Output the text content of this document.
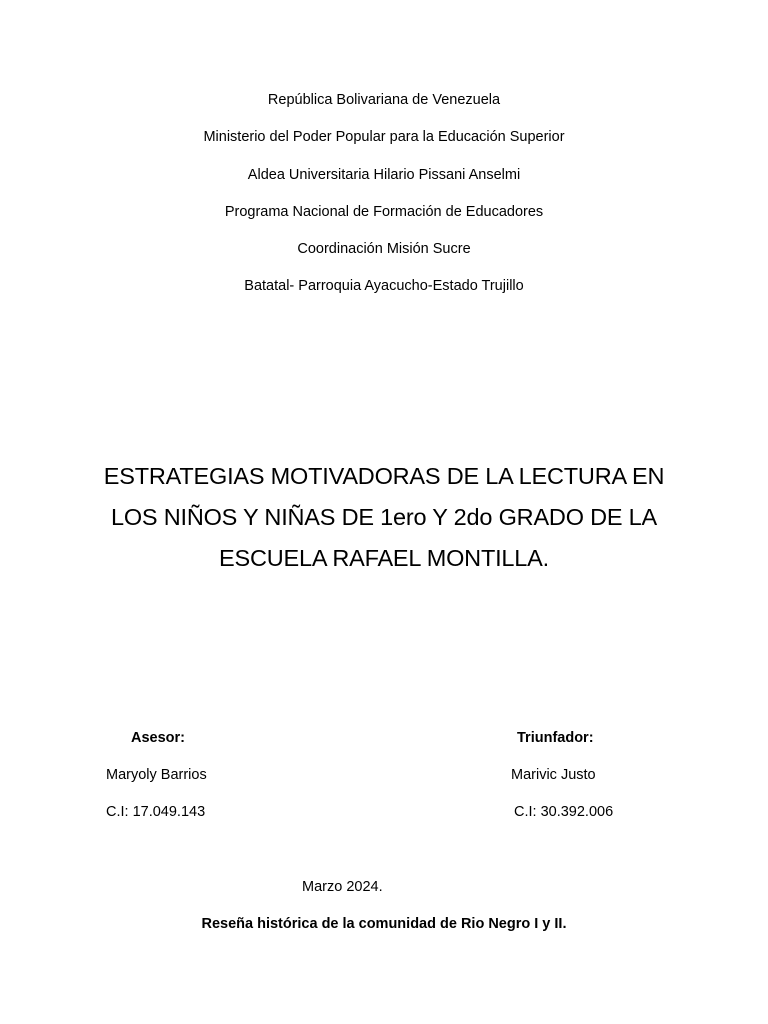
República Bolivariana de Venezuela
Ministerio del Poder Popular para la Educación Superior
Aldea Universitaria Hilario Pissani Anselmi
Programa Nacional de Formación de Educadores
Coordinación Misión Sucre
Batatal- Parroquia Ayacucho-Estado Trujillo
ESTRATEGIAS MOTIVADORAS DE LA LECTURA EN
LOS NIÑOS Y NIÑAS DE 1ero Y 2do GRADO DE LA
ESCUELA RAFAEL MONTILLA.
Asesor:
Maryoly Barrios
C.I: 17.049.143
Triunfador:
Marivic Justo
C.I: 30.392.006
Marzo 2024.
Reseña histórica de la comunidad de Rio Negro I y II.
